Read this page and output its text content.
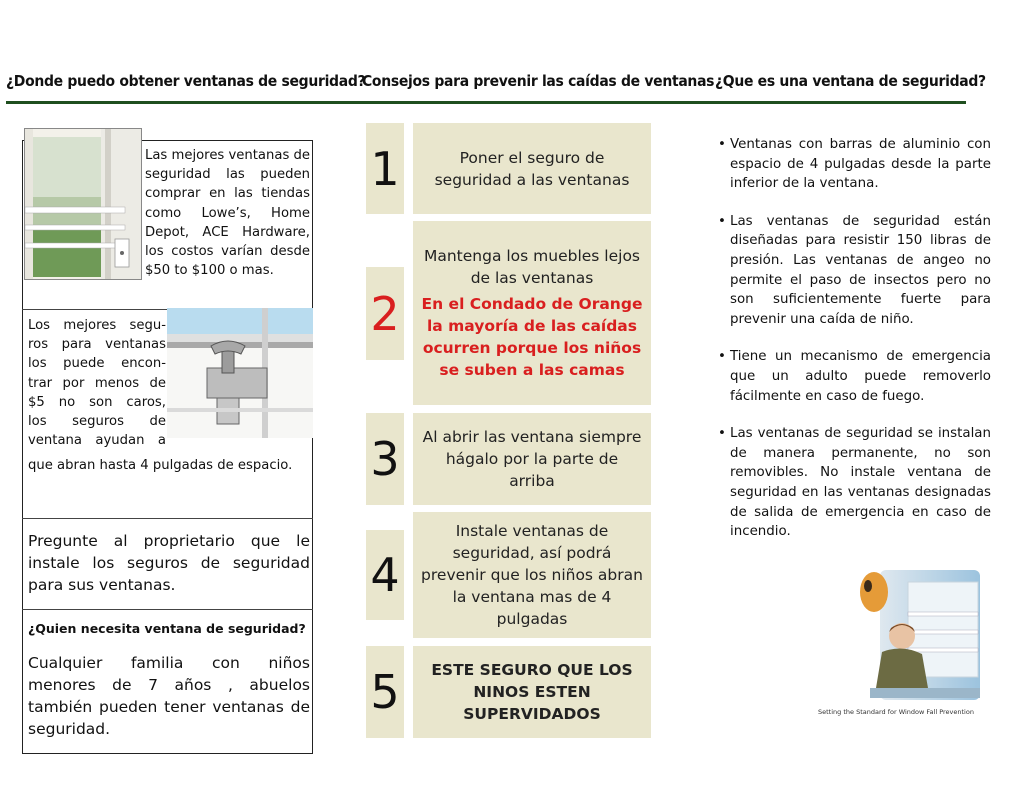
¿Donde puedo obtener ventanas de seguridad?
Consejos para prevenir las caídas de ventanas ¿Que es una ventana de seguridad?
Las mejores ventanas de seguridad las pueden comprar en las tiendas como Lowe’s, Home Depot, ACE Hardware, los costos varían desde $50 to $100 o mas.
Los mejores segu-
ros para ventanas
los puede encon-
trar por menos de
$5 no son caros,
los seguros de
ventana ayudan a
que abran hasta 4 pulgadas de espacio.
Pregunte al proprietario que le instale los seguros de seguridad para sus ventanas.
¿Quien necesita ventana de seguridad?
Cualquier familia con niños menores de 7 años , abuelos también pueden tener ventanas de seguridad.
1	Poner el seguro de seguridad a las ventanas
2
Mantenga los muebles lejos de las ventanas
En el Condado de Orange la mayoría de las caídas ocurren porque los niños se suben a las camas
3 Al abrir las ventana siempre hágalo por la parte de arriba
4
Instale ventanas de seguridad, así podrá prevenir que los niños abran la ventana mas de 4 pulgadas
5	ESTE SEGURO QUE LOS NINOS ESTEN SUPERVIDADOS
• Ventanas con barras de aluminio con espacio de 4 pulgadas desde la parte inferior de la ventana.
• Las ventanas de seguridad están diseñadas para resistir 150 libras de presión. Las ventanas de angeo no permite el paso de insectos pero no son suficientemente fuerte para prevenir una caída de niño.
• Tiene un mecanismo de emergencia que un adulto puede removerlo fácilmente en caso de fuego.
• Las ventanas de seguridad se instalan de manera permanente, no son removibles. No instale ventana de seguridad en las ventanas designadas de salida de emergencia en caso de incendio.
Setting the Standard for Window Fall Prevention
